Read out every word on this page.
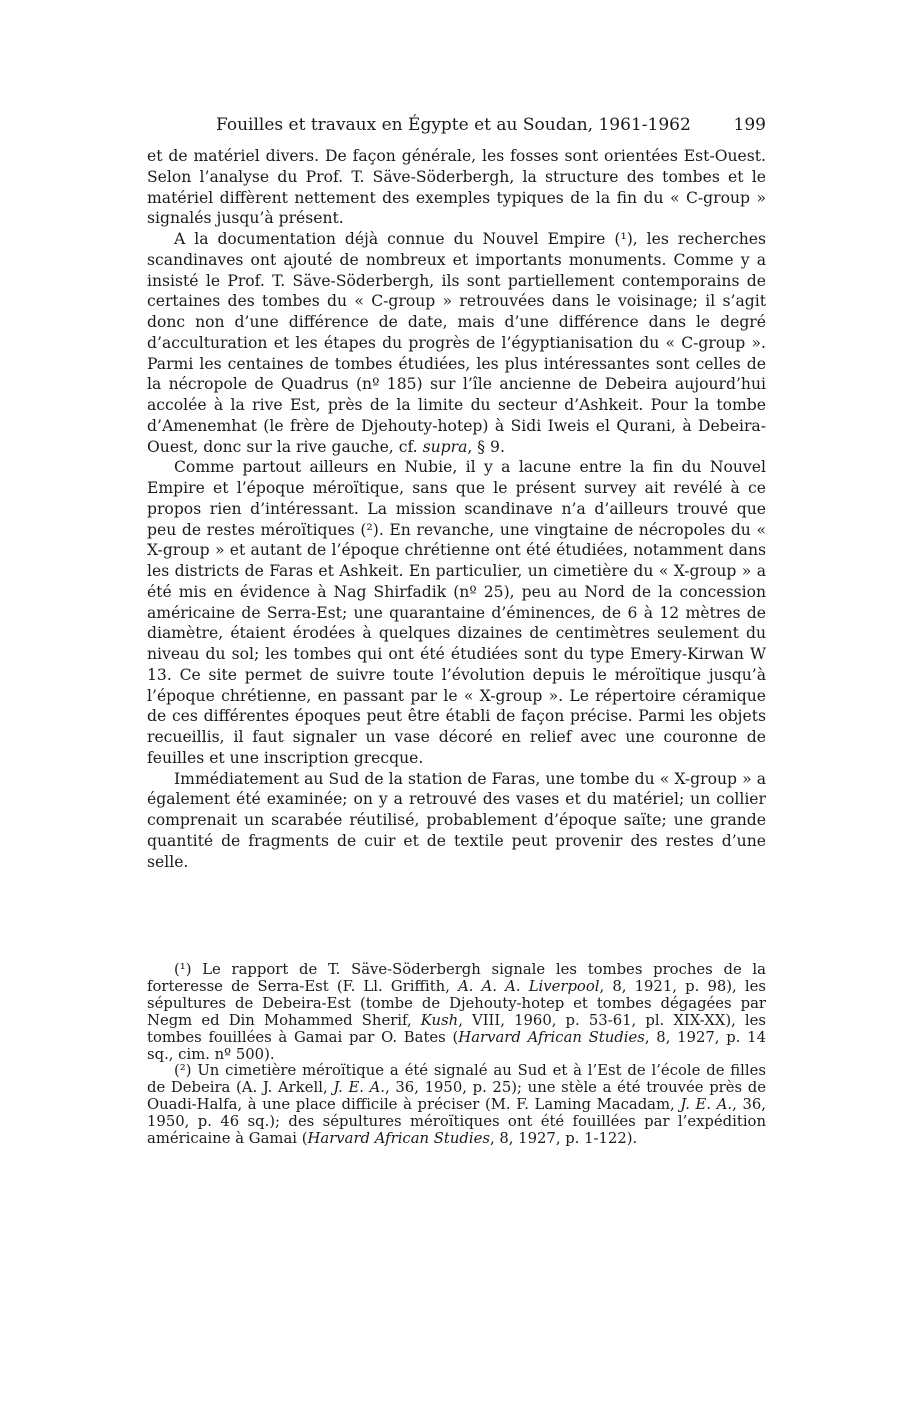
Fouilles et travaux en Égypte et au Soudan, 1961-1962	199

et de matériel divers. De façon générale, les fosses sont orientées Est-Ouest. Selon l’analyse du Prof. T. Säve-Söderbergh, la structure des tombes et le matériel diffèrent nettement des exemples typiques de la fin du « C-group » signalés jusqu’à présent.

A la documentation déjà connue du Nouvel Empire (¹), les recherches scandinaves ont ajouté de nombreux et importants monuments. Comme y a insisté le Prof. T. Säve-Söderbergh, ils sont partiellement contemporains de certaines des tombes du « C-group » retrouvées dans le voisinage; il s’agit donc non d’une différence de date, mais d’une différence dans le degré d’acculturation et les étapes du progrès de l’égyptianisation du « C-group ». Parmi les centaines de tombes étudiées, les plus intéressantes sont celles de la nécropole de Quadrus (nº 185) sur l’île ancienne de Debeira aujourd’hui accolée à la rive Est, près de la limite du secteur d’Ashkeit. Pour la tombe d’Amenemhat (le frère de Djehouty-hotep) à Sidi Iweis el Qurani, à Debeira-Ouest, donc sur la rive gauche, cf. supra, § 9.

Comme partout ailleurs en Nubie, il y a lacune entre la fin du Nouvel Empire et l’époque méroïtique, sans que le présent survey ait revélé à ce propos rien d’intéressant. La mission scandinave n’a d’ailleurs trouvé que peu de restes méroïtiques (²). En revanche, une vingtaine de nécropoles du « X-group » et autant de l’époque chrétienne ont été étudiées, notamment dans les districts de Faras et Ashkeit. En particulier, un cimetière du « X-group » a été mis en évidence à Nag Shirfadik (nº 25), peu au Nord de la concession américaine de Serra-Est; une quarantaine d’éminences, de 6 à 12 mètres de diamètre, étaient érodées à quelques dizaines de centimètres seulement du niveau du sol; les tombes qui ont été étudiées sont du type Emery-Kirwan W 13. Ce site permet de suivre toute l’évolution depuis le méroïtique jusqu’à l’époque chrétienne, en passant par le « X-group ». Le répertoire céramique de ces différentes époques peut être établi de façon précise. Parmi les objets recueillis, il faut signaler un vase décoré en relief avec une couronne de feuilles et une inscription grecque.

Immédiatement au Sud de la station de Faras, une tombe du « X-group » a également été examinée; on y a retrouvé des vases et du matériel; un collier comprenait un scarabée réutilisé, probablement d’époque saïte; une grande quantité de fragments de cuir et de textile peut provenir des restes d’une selle.

(¹) Le rapport de T. Säve-Söderbergh signale les tombes proches de la forteresse de Serra-Est (F. Ll. Griffith, A. A. A. Liverpool, 8, 1921, p. 98), les sépultures de Debeira-Est (tombe de Djehouty-hotep et tombes dégagées par Negm ed Din Mohammed Sherif, Kush, VIII, 1960, p. 53-61, pl. XIX-XX), les tombes fouillées à Gamai par O. Bates (Harvard African Studies, 8, 1927, p. 14 sq., cim. nº 500).

(²) Un cimetière méroïtique a été signalé au Sud et à l’Est de l’école de filles de Debeira (A. J. Arkell, J. E. A., 36, 1950, p. 25); une stèle a été trouvée près de Ouadi-Halfa, à une place difficile à préciser (M. F. Laming Macadam, J. E. A., 36, 1950, p. 46 sq.); des sépultures méroïtiques ont été fouillées par l’expédition américaine à Gamai (Harvard African Studies, 8, 1927, p. 1-122).
